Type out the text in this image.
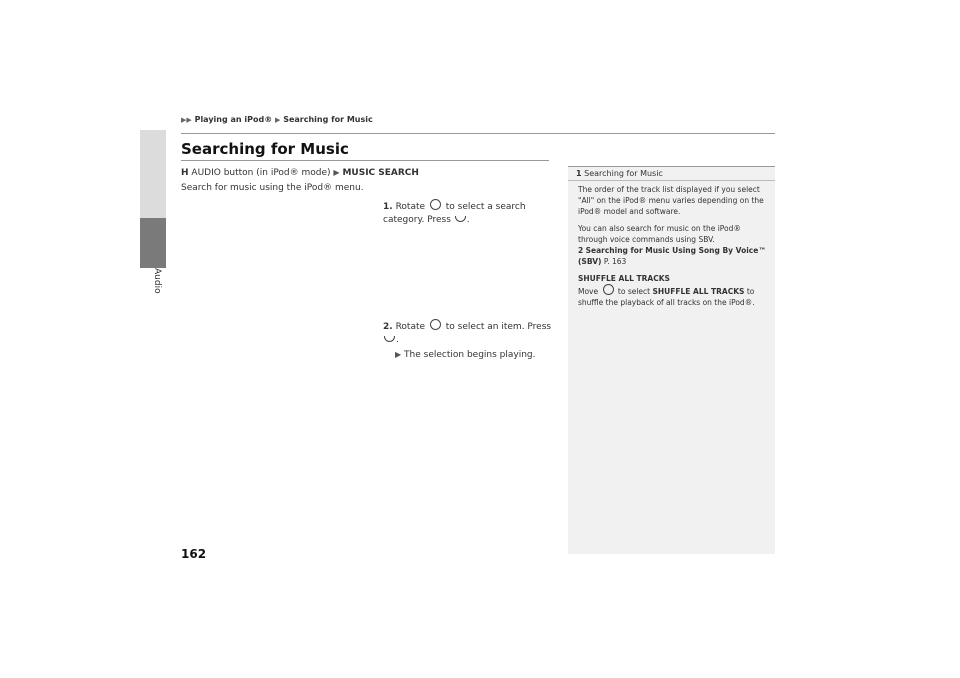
Audio
▶▶ Playing an iPod® ▶ Searching for Music
Searching for Music
H AUDIO button (in iPod® mode) ▶ MUSIC SEARCH
Search for music using the iPod® menu.
1. Rotate to select a search category. Press .
2. Rotate to select an item. Press .
▶ The selection begins playing.
1 Searching for Music

The order of the track list displayed if you select "All" on the iPod® menu varies depending on the iPod® model and software.

You can also search for music on the iPod® through voice commands using SBV.
2 Searching for Music Using Song By Voice™ (SBV) P. 163

SHUFFLE ALL TRACKS
Move	to select SHUFFLE ALL TRACKS to shuffle the playback of all tracks on the iPod®.

162
